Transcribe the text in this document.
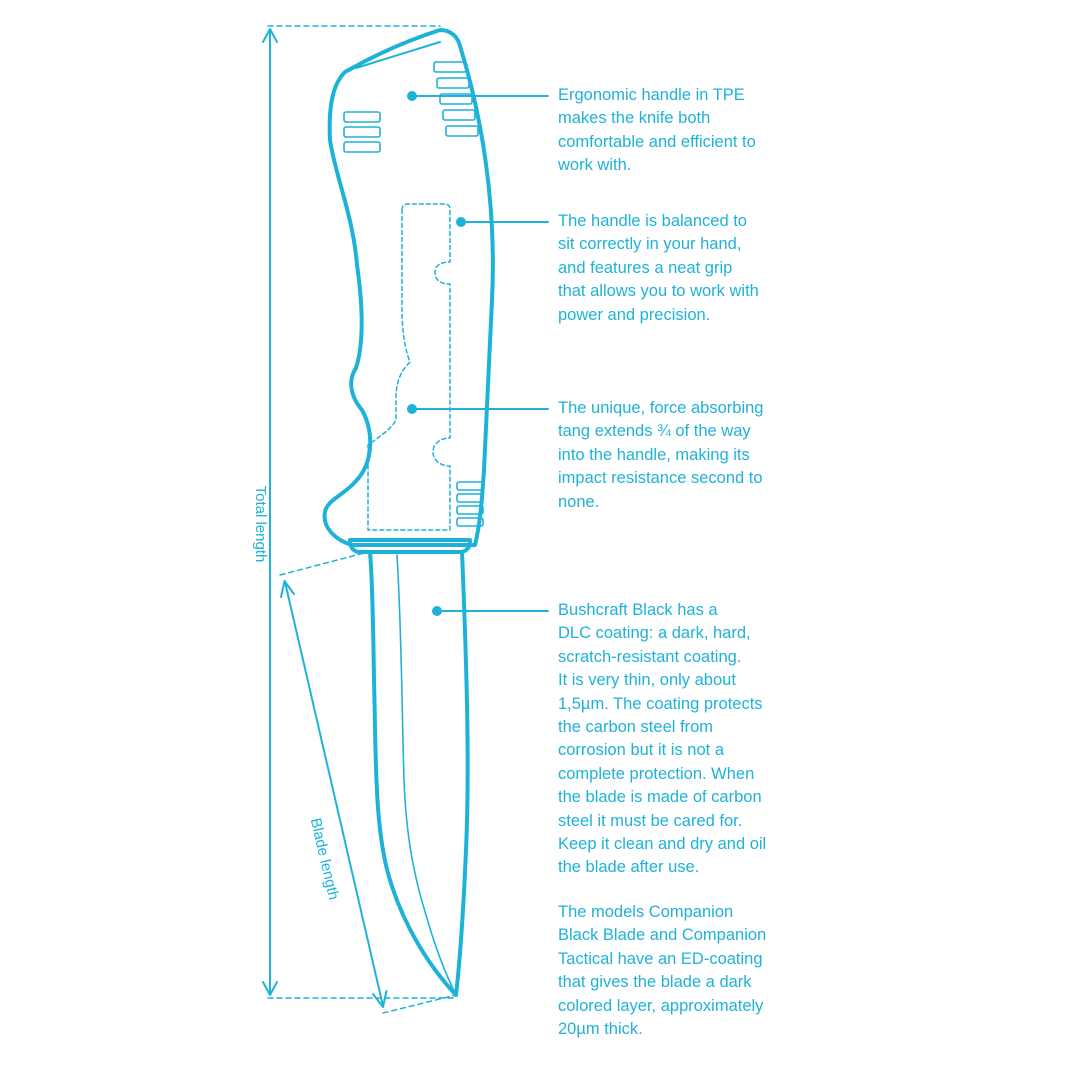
Total length
Blade length

Ergonomic handle in TPE
makes the knife both
comfortable and efficient to
work with.

The handle is balanced to
sit correctly in your hand,
and features a neat grip
that allows you to work with
power and precision.

The unique, force absorbing
tang extends ¾ of the way
into the handle, making its
impact resistance second to
none.

Bushcraft Black has a
DLC coating: a dark, hard,
scratch-resistant coating.
It is very thin, only about
1,5µm. The coating protects
the carbon steel from
corrosion but it is not a
complete protection. When
the blade is made of carbon
steel it must be cared for.
Keep it clean and dry and oil
the blade after use.

The models Companion
Black Blade and Companion
Tactical have an ED-coating
that gives the blade a dark
colored layer, approximately
20µm thick.
